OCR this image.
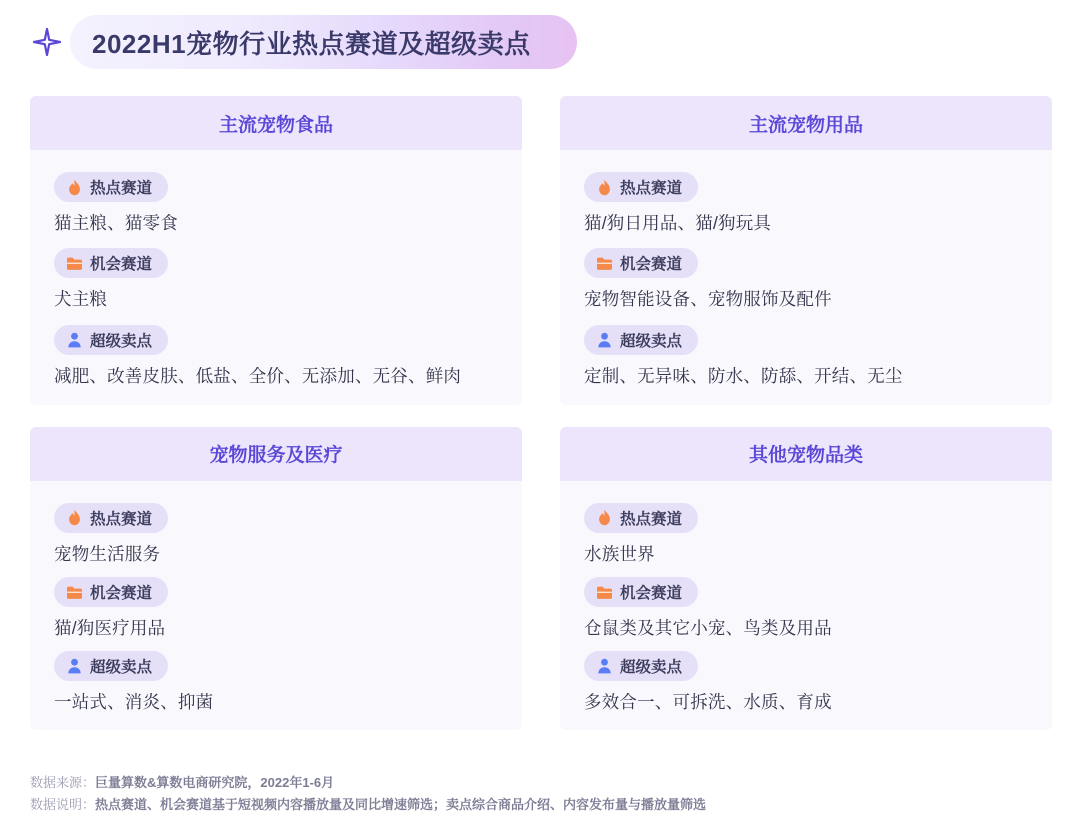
2022H1宠物行业热点赛道及超级卖点
主流宠物食品
热点赛道
猫主粮、猫零食
机会赛道
犬主粮
超级卖点
减肥、改善皮肤、低盐、全价、无添加、无谷、鲜肉
主流宠物用品
热点赛道
猫/狗日用品、猫/狗玩具
机会赛道
宠物智能设备、宠物服饰及配件
超级卖点
定制、无异味、防水、防舔、开结、无尘
宠物服务及医疗
热点赛道
宠物生活服务
机会赛道
猫/狗医疗用品
超级卖点
一站式、消炎、抑菌
其他宠物品类
热点赛道
水族世界
机会赛道
仓鼠类及其它小宠、鸟类及用品
超级卖点
多效合一、可拆洗、水质、育成
数据来源：巨量算数&算数电商研究院，2022年1-6月
数据说明：热点赛道、机会赛道基于短视频内容播放量及同比增速筛选；卖点综合商品介绍、内容发布量与播放量筛选
